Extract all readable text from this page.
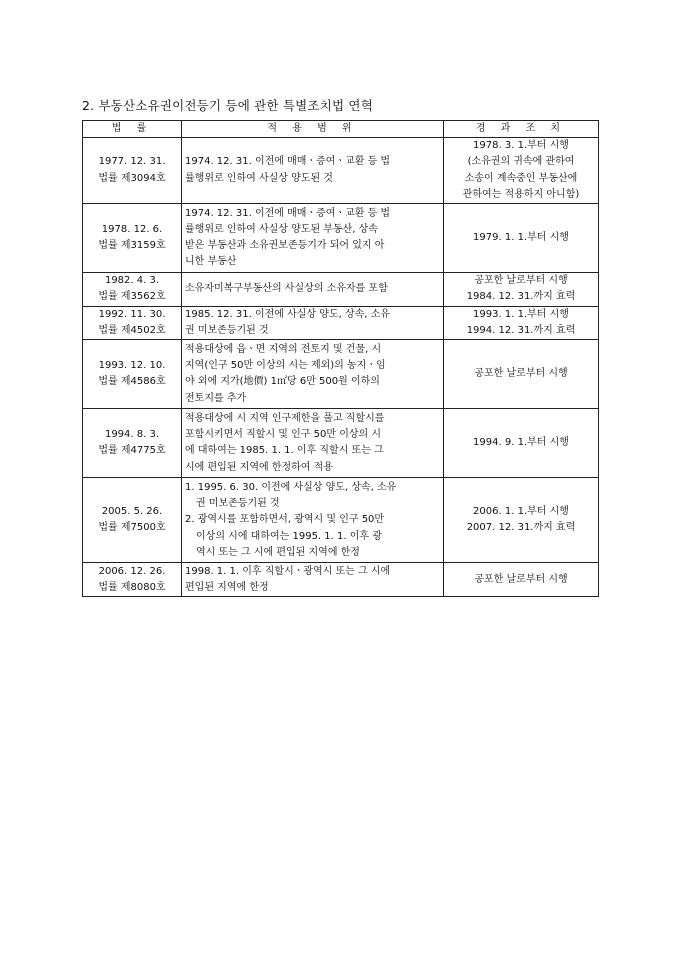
2. 부동산소유권이전등기 등에 관한 특별조치법 연혁
법 률	적 용 범 위	경 과 조 치

1977. 12. 31.
법률 제3094호	1974. 12. 31. 이전에 매매ㆍ증여ㆍ교환 등 법
률행위로 인하여 사실상 양도된 것	1978. 3. 1.부터 시행
(소유권의 귀속에 관하여
소송이 계속중인 부동산에
관하여는 적용하지 아니함)

1978. 12. 6.
법률 제3159호	1974. 12. 31. 이전에 매매ㆍ증여ㆍ교환 등 법
률행위로 인하여 사실상 양도된 부동산, 상속
받은 부동산과 소유권보존등기가 되어 있지 아
니한 부동산	1979. 1. 1.부터 시행

1982. 4. 3.
법률 제3562호	소유자미복구부동산의 사실상의 소유자를 포함	공포한 날로부터 시행
1984. 12. 31.까지 효력

1992. 11. 30.
법률 제4502호	1985. 12. 31. 이전에 사실상 양도, 상속, 소유
권 미보존등기된 것	1993. 1. 1.부터 시행
1994. 12. 31.까지 효력

1993. 12. 10.
법률 제4586호	적용대상에 읍ㆍ면 지역의 전토지 및 건물, 시
지역(인구 50만 이상의 시는 제외)의 농지ㆍ임
야 외에 지가(地價) 1㎡당 6만 500원 이하의
전토지를 추가	공포한 날로부터 시행

1994. 8. 3.
법률 제4775호	적용대상에 시 지역 인구제한을 풀고 직할시를
포함시키면서 직할시 및 인구 50만 이상의 시
에 대하여는 1985. 1. 1. 이후 직할시 또는 그
시에 편입된 지역에 한정하여 적용	1994. 9. 1.부터 시행

2005. 5. 26.
법률 제7500호	1. 1995. 6. 30. 이전에 사실상 양도, 상속, 소유
권 미보존등기된 것
2. 광역시를 포함하면서, 광역시 및 인구 50만
이상의 시에 대하여는 1995. 1. 1. 이후 광
역시 또는 그 시에 편입된 지역에 한정	2006. 1. 1.부터 시행
2007. 12. 31.까지 효력

2006. 12. 26.
법률 제8080호	1998. 1. 1. 이후 직할시ㆍ광역시 또는 그 시에
편입된 지역에 한정	공포한 날로부터 시행
